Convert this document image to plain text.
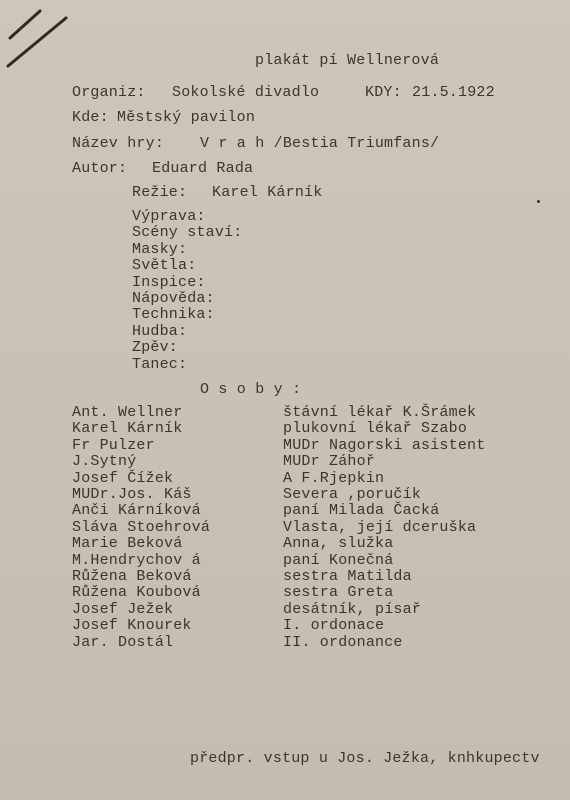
plakát pí Wellnerová
Organiz: Sokolské divadlo	KDY: 21.5.1922
Kde: Městský pavilon
Název hry: V r a h /Bestia Triumfans/
Autor: Eduard Rada
Režie: Karel Kárník
Výprava:
Scény staví:
Masky:
Světla:
Inspice:
Nápověda:
Technika:
Hudba:
Zpěv:
Tanec:
O s o b y :
Ant. Wellner	štávní lékař K.Šrámek
Karel Kárník	plukovní lékař Szabo
Fr Pulzer	MUDr Nagorski asistent
J.Sytný	MUDr Záhoř
Josef Čížek	A F.Rjepkin
MUDr.Jos. Káš	Severa ,poručík
Anči Kárníková	paní Milada Čacká
Sláva Stoehrová	Vlasta, její dceruška
Marie Beková	Anna, služka
M.Hendrychov á	paní Konečná
Růžena Beková	sestra Matilda
Růžena Koubová	sestra Greta
Josef Ježek	desátník, písař
Josef Knourek	I. ordonace
Jar. Dostál	II. ordonance
předpr. vstup u Jos. Ježka, knhkupectv
